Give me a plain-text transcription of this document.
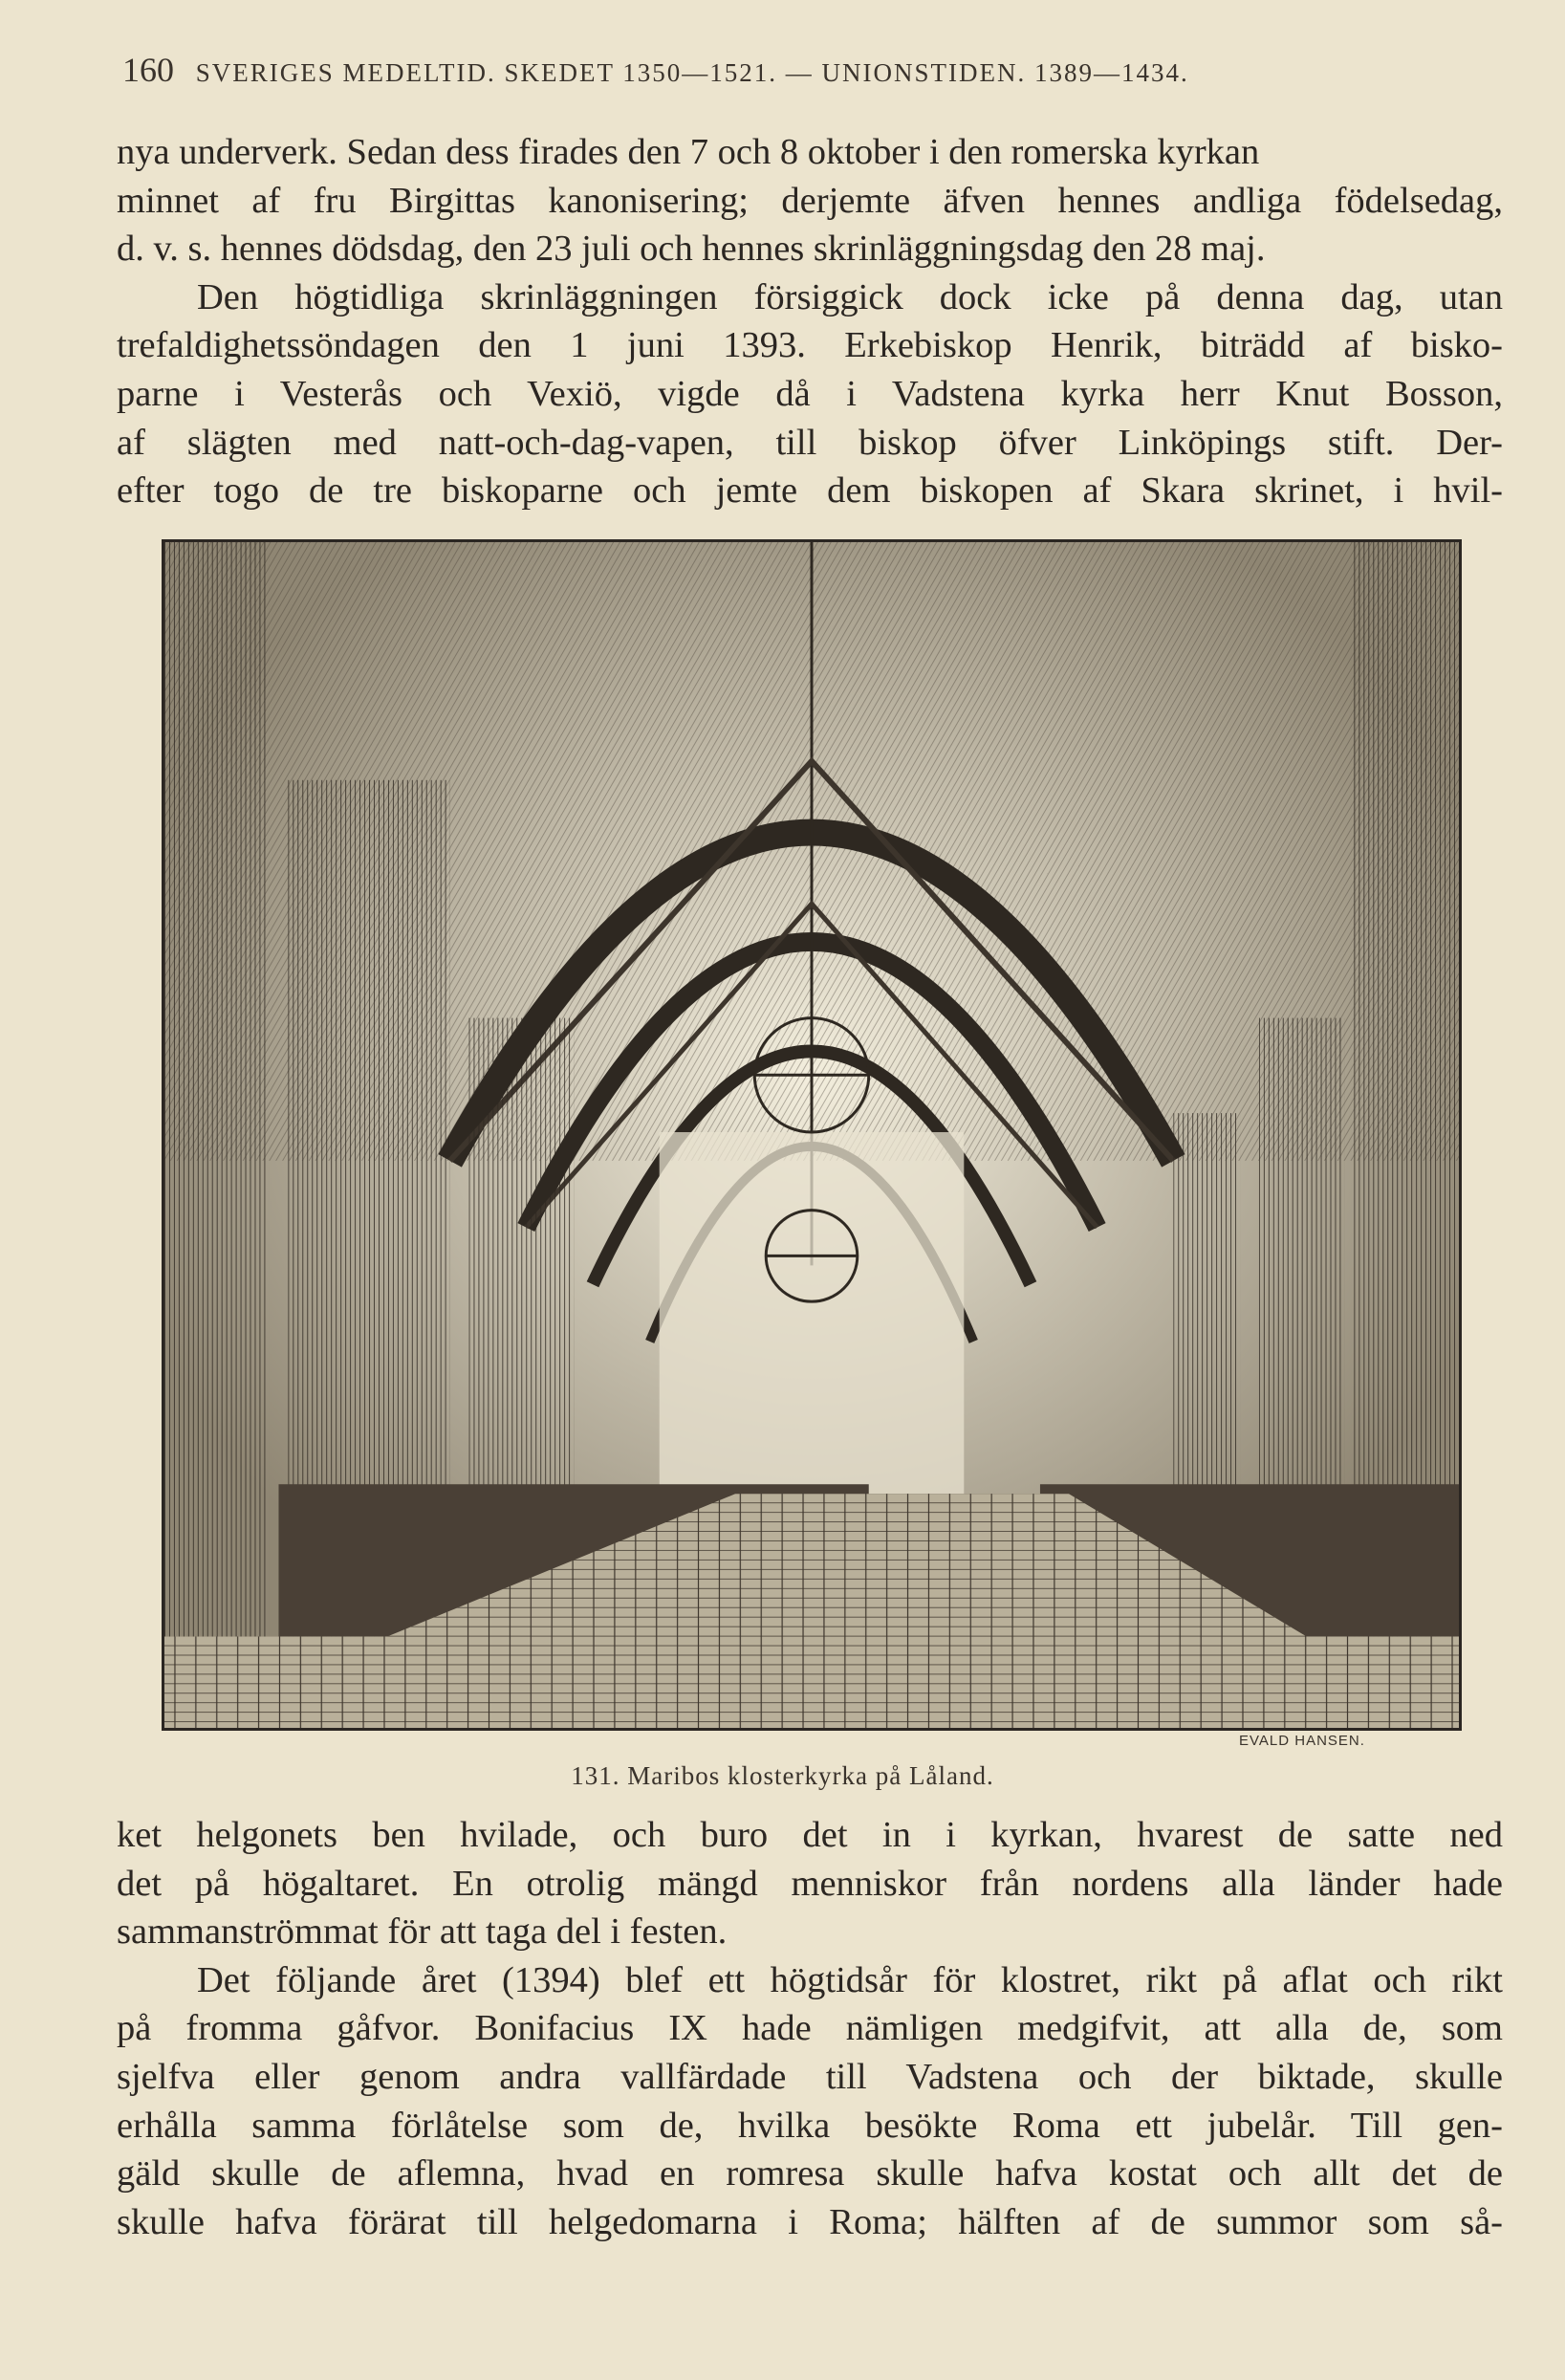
160 SVERIGES MEDELTID. SKEDET 1350—1521. — UNIONSTIDEN. 1389—1434.
nya underverk. Sedan dess firades den 7 och 8 oktober i den romerska kyrkan
minnet af fru Birgittas kanonisering; derjemte äfven hennes andliga födelsedag,
d. v. s. hennes dödsdag, den 23 juli och hennes skrinläggningsdag den 28 maj.
Den högtidliga skrinläggningen försiggick dock icke på denna dag, utan
trefaldighetssöndagen den 1 juni 1393. Erkebiskop Henrik, biträdd af bisko-
parne i Vesterås och Vexiö, vigde då i Vadstena kyrka herr Knut Bosson,
af slägten med natt-och-dag-vapen, till biskop öfver Linköpings stift. Der-
efter togo de tre biskoparne och jemte dem biskopen af Skara skrinet, i hvil-
EVALD HANSEN.
131. Maribos klosterkyrka på Låland.
ket helgonets ben hvilade, och buro det in i kyrkan, hvarest de satte ned
det på högaltaret. En otrolig mängd menniskor från nordens alla länder hade
sammanströmmat för att taga del i festen.
Det följande året (1394) blef ett högtidsår för klostret, rikt på aflat och rikt
på fromma gåfvor. Bonifacius IX hade nämligen medgifvit, att alla de, som
sjelfva eller genom andra vallfärdade till Vadstena och der biktade, skulle
erhålla samma förlåtelse som de, hvilka besökte Roma ett jubelår. Till gen-
gäld skulle de aflemna, hvad en romresa skulle hafva kostat och allt det de
skulle hafva förärat till helgedomarna i Roma; hälften af de summor som så-
